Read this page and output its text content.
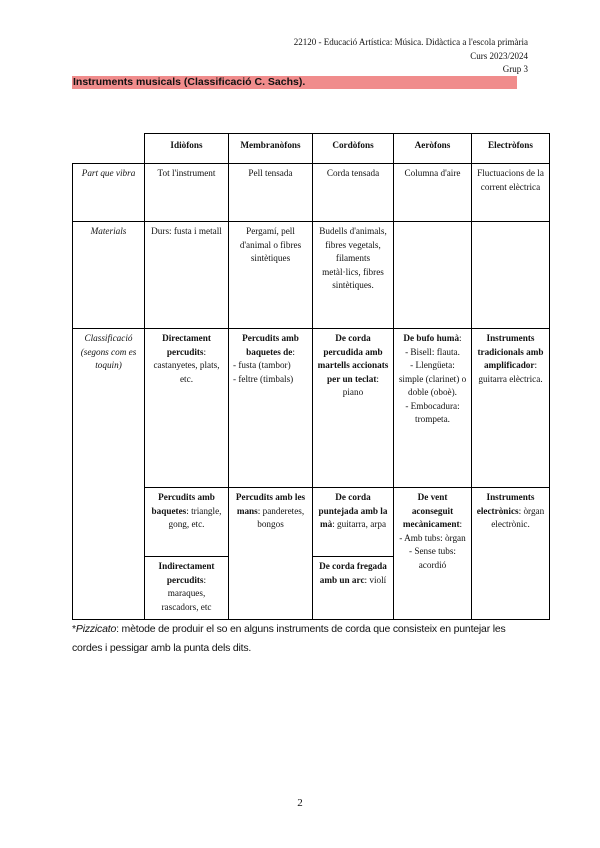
22120 - Educació Artística: Música. Didàctica a l'escola primària
Curs 2023/2024
Grup 3
Instruments musicals (Classificació C. Sachs).
	Idiòfons	Membranòfons	Cordòfons	Aeròfons	Electròfons
Part que vibra	Tot l'instrument	Pell tensada	Corda tensada	Columna d'aire	Fluctuacions de la corrent elèctrica
Materials	Durs: fusta i metall	Pergamí, pell d'animal o fibres sintètiques	Budells d'animals, fibres vegetals, filaments metàl·lics, fibres sintètiques.		
Classificació (segons com es toquin)	Directament percudits: castanyetes, plats, etc.	Percudits amb baquetes de:
- fusta (tambor)
- feltre (timbals)	De corda percudida amb martells accionats per un teclat: piano	De bufo humà:
- Bisell: flauta.
- Llengüeta: simple (clarinet) o doble (oboè).
- Embocadura: trompeta.	Instruments tradicionals amb amplificador: guitarra elèctrica.
	Percudits amb baquetes: triangle, gong, etc.	Percudits amb les mans: panderetes, bongos	De corda puntejada amb la mà: guitarra, arpa	De vent aconseguit mecànicament:
- Amb tubs: òrgan
- Sense tubs: acordió	Instruments electrònics: òrgan electrònic.
	Indirectament percudits: maraques, rascadors, etc		De corda fregada amb un arc: violí		
*Pizzicato: mètode de produir el so en alguns instruments de corda que consisteix en puntejar les cordes i pessigar amb la punta dels dits.
2
